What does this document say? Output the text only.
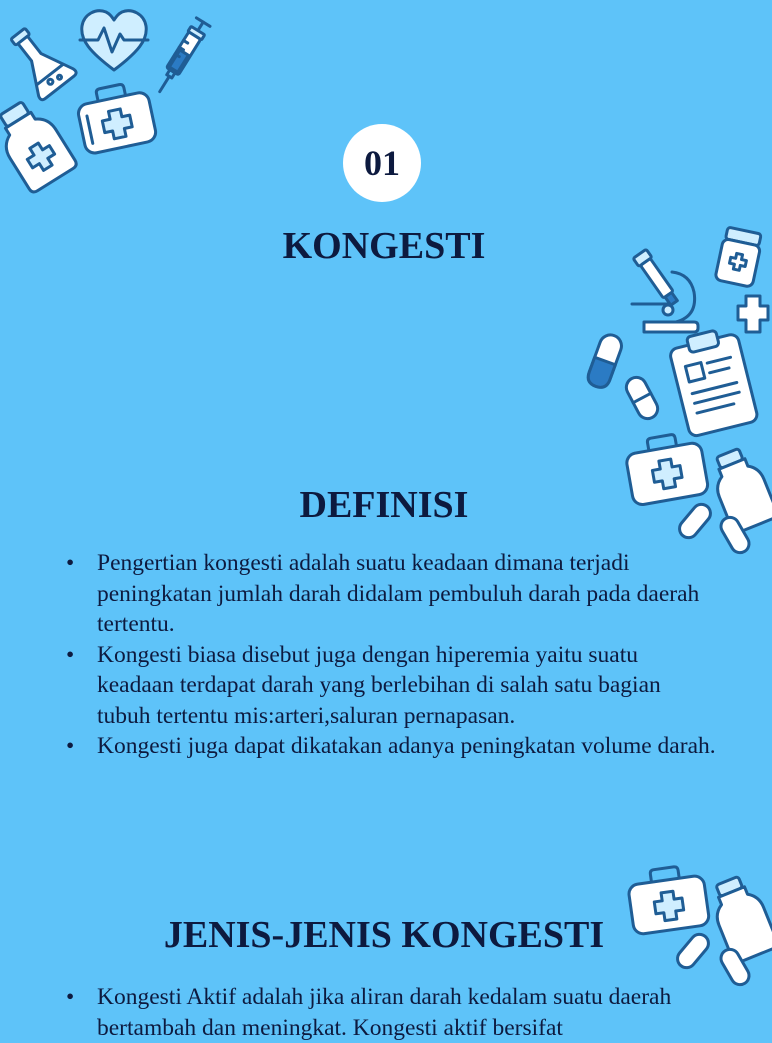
01
KONGESTI
DEFINISI
• Pengertian kongesti adalah suatu keadaan dimana terjadi peningkatan jumlah darah didalam pembuluh darah pada daerah tertentu.
• Kongesti biasa disebut juga dengan hiperemia yaitu suatu keadaan terdapat darah yang berlebihan di salah satu bagian tubuh tertentu mis:arteri,saluran pernapasan.
• Kongesti juga dapat dikatakan adanya peningkatan volume darah.
JENIS-JENIS KONGESTI
• Kongesti Aktif adalah jika aliran darah kedalam suatu daerah bertambah dan meningkat. Kongesti aktif bersifat
